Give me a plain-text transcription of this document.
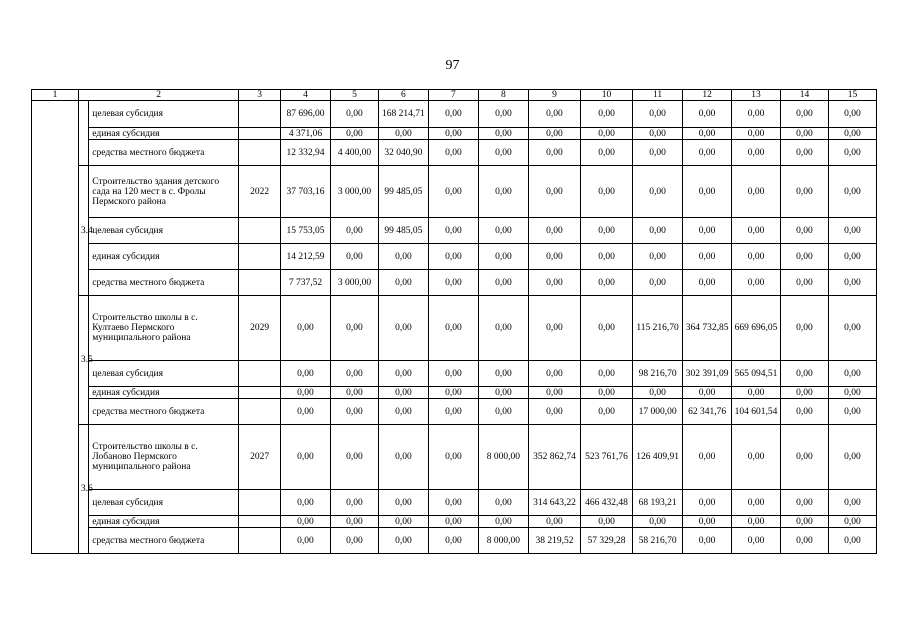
97
1	2		3	4	5	6	7	8	9	10	11	12	13	14	15
		целевая субсидия		87 696,00	0,00	168 214,71	0,00	0,00	0,00	0,00	0,00	0,00	0,00	0,00	0,00
		единая субсидия		4 371,06	0,00	0,00	0,00	0,00	0,00	0,00	0,00	0,00	0,00	0,00	0,00
		средства местного бюджета		12 332,94	4 400,00	32 040,90	0,00	0,00	0,00	0,00	0,00	0,00	0,00	0,00	0,00
	3.4	Строительство здания детского сада на 120 мест в с. Фролы Пермского района	2022	37 703,16	3 000,00	99 485,05	0,00	0,00	0,00	0,00	0,00	0,00	0,00	0,00	0,00
		целевая субсидия		15 753,05	0,00	99 485,05	0,00	0,00	0,00	0,00	0,00	0,00	0,00	0,00	0,00
		единая субсидия		14 212,59	0,00	0,00	0,00	0,00	0,00	0,00	0,00	0,00	0,00	0,00	0,00
		средства местного бюджета		7 737,52	3 000,00	0,00	0,00	0,00	0,00	0,00	0,00	0,00	0,00	0,00	0,00
	3.5	Строительство школы в с. Култаево Пермского муниципального района	2029	0,00	0,00	0,00	0,00	0,00	0,00	0,00	115 216,70	364 732,85	669 696,05	0,00	0,00
		целевая субсидия		0,00	0,00	0,00	0,00	0,00	0,00	0,00	98 216,70	302 391,09	565 094,51	0,00	0,00
		единая субсидия		0,00	0,00	0,00	0,00	0,00	0,00	0,00	0,00	0,00	0,00	0,00	0,00
		средства местного бюджета		0,00	0,00	0,00	0,00	0,00	0,00	0,00	17 000,00	62 341,76	104 601,54	0,00	0,00
	3.6	Строительство школы в с. Лобаново Пермского муниципального района	2027	0,00	0,00	0,00	0,00	8 000,00	352 862,74	523 761,76	126 409,91	0,00	0,00	0,00	0,00
		целевая субсидия		0,00	0,00	0,00	0,00	0,00	314 643,22	466 432,48	68 193,21	0,00	0,00	0,00	0,00
		единая субсидия		0,00	0,00	0,00	0,00	0,00	0,00	0,00	0,00	0,00	0,00	0,00	0,00
		средства местного бюджета		0,00	0,00	0,00	0,00	8 000,00	38 219,52	57 329,28	58 216,70	0,00	0,00	0,00	0,00
